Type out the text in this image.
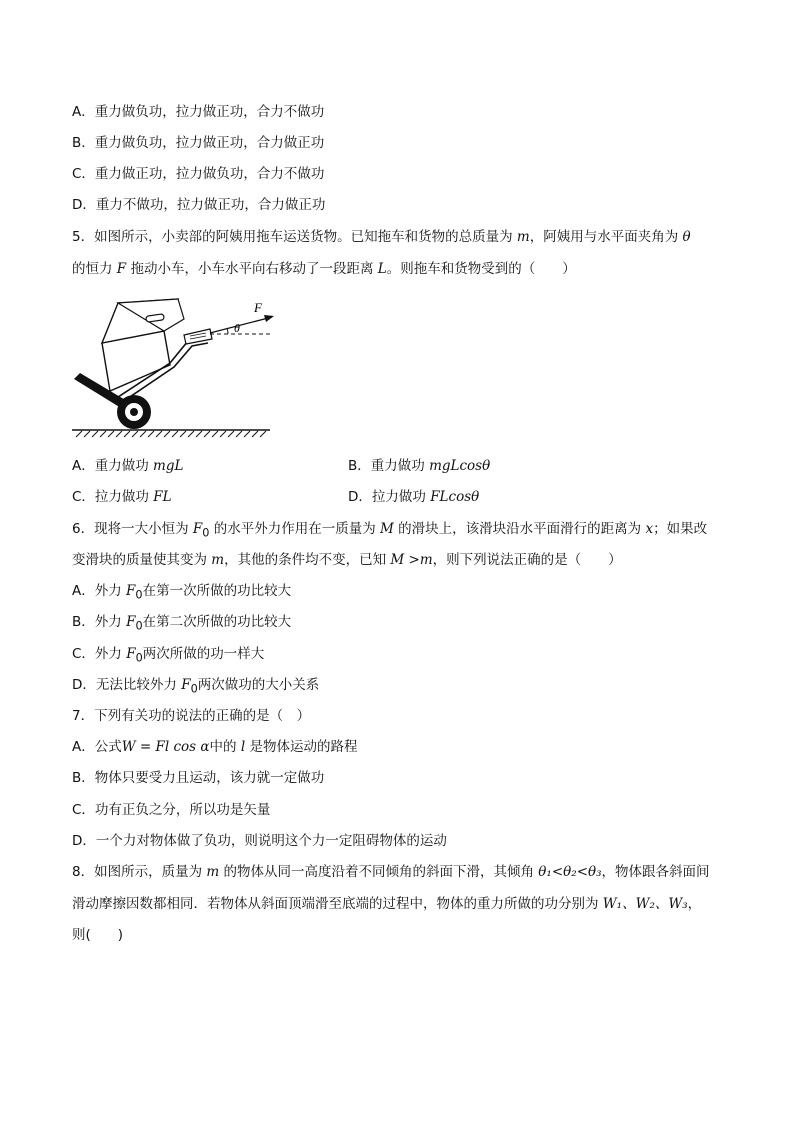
A．重力做负功，拉力做正功，合力不做功
B．重力做负功，拉力做正功，合力做正功
C．重力做正功，拉力做负功，合力不做功
D．重力不做功，拉力做正功，合力做正功
5．如图所示，小卖部的阿姨用拖车运送货物。已知拖车和货物的总质量为 m，阿姨用与水平面夹角为 θ
的恒力 F 拖动小车，小车水平向右移动了一段距离 L。则拖车和货物受到的（　　）
F
θ
A．重力做功 mgL	B．重力做功 mgLcosθ
C．拉力做功 FL	D．拉力做功 FLcosθ
6．现将一大小恒为 $F_0$ 的水平外力作用在一质量为 M 的滑块上，该滑块沿水平面滑行的距离为 x；如果改
变滑块的质量使其变为 m，其他的条件均不变，已知 M >m，则下列说法正确的是（　　）
A．外力 $F_0$在第一次所做的功比较大
B．外力 $F_0$在第二次所做的功比较大
C．外力 $F_0$两次所做的功一样大
D．无法比较外力 $F_0$两次做功的大小关系
7．下列有关功的说法的正确的是（　）
A．公式W = Fl cos α中的 l 是物体运动的路程
B．物体只要受力且运动，该力就一定做功
C．功有正负之分，所以功是矢量
D．一个力对物体做了负功，则说明这个力一定阻碍物体的运动
8．如图所示，质量为 m 的物体从同一高度沿着不同倾角的斜面下滑，其倾角 θ₁<θ₂<θ₃，物体跟各斜面间
滑动摩擦因数都相同．若物体从斜面顶端滑至底端的过程中，物体的重力所做的功分别为 W₁、W₂、W₃，
则(　　)
